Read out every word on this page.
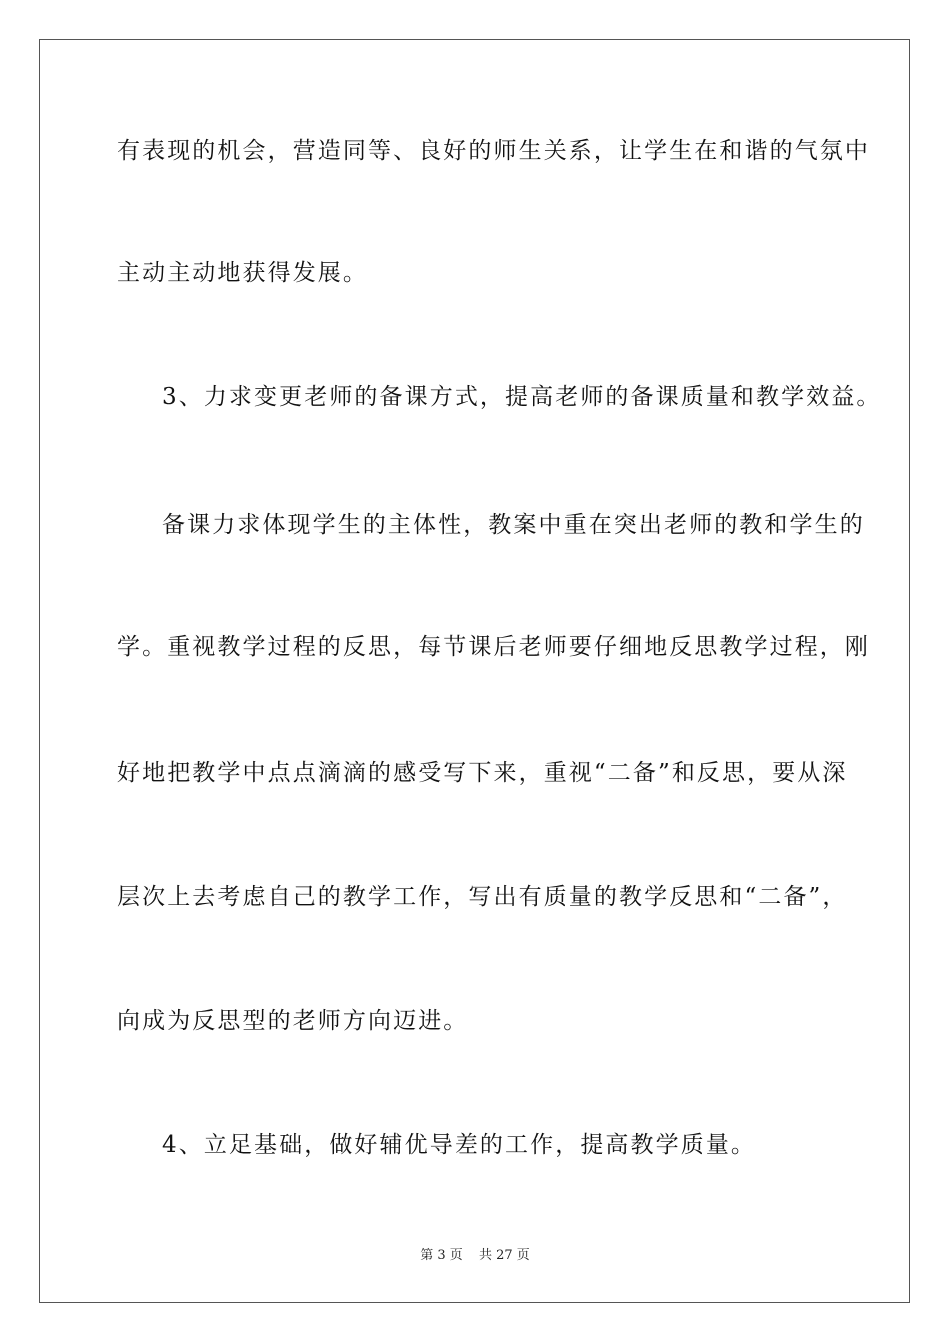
有表现的机会，营造同等、良好的师生关系，让学生在和谐的气氛中
主动主动地获得发展。
3、力求变更老师的备课方式，提高老师的备课质量和教学效益。
备课力求体现学生的主体性，教案中重在突出老师的教和学生的
学。重视教学过程的反思，每节课后老师要仔细地反思教学过程，刚
好地把教学中点点滴滴的感受写下来，重视“二备”和反思，要从深
层次上去考虑自己的教学工作，写出有质量的教学反思和“二备”，
向成为反思型的老师方向迈进。
4、立足基础，做好辅优导差的工作，提高教学质量。
第 3 页 共 27 页
